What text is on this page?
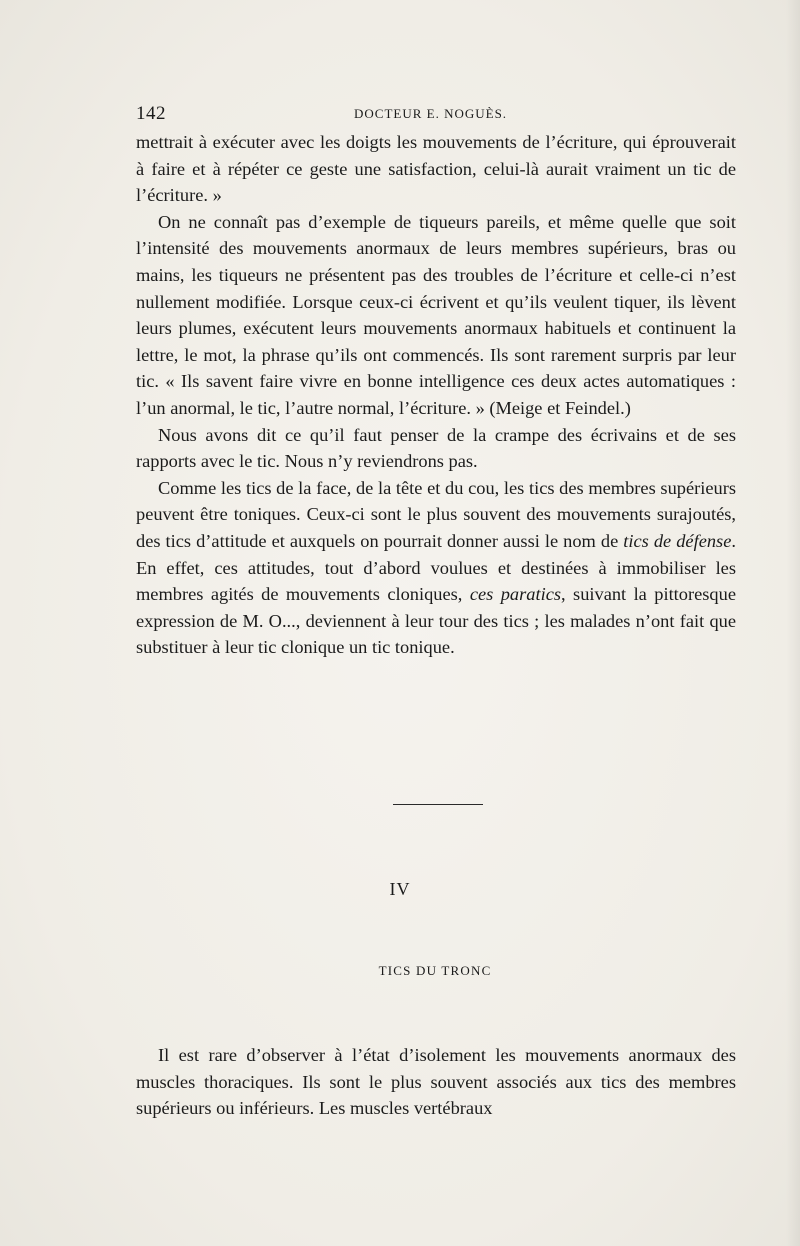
142	DOCTEUR E. NOGUÈS.

mettrait à exécuter avec les doigts les mouvements de l’écriture, qui éprouverait à faire et à répéter ce geste une satisfaction, celui-là aurait vraiment un tic de l’écriture. »

On ne connaît pas d’exemple de tiqueurs pareils, et même quelle que soit l’intensité des mouvements anormaux de leurs membres supérieurs, bras ou mains, les tiqueurs ne présentent pas des troubles de l’écriture et celle-ci n’est nullement modifiée. Lorsque ceux-ci écrivent et qu’ils veulent tiquer, ils lèvent leurs plumes, exécutent leurs mouvements anormaux habituels et continuent la lettre, le mot, la phrase qu’ils ont commencés. Ils sont rarement surpris par leur tic. « Ils savent faire vivre en bonne intelligence ces deux actes automatiques : l’un anormal, le tic, l’autre normal, l’écriture. » (Meige et Feindel.)

Nous avons dit ce qu’il faut penser de la crampe des écrivains et de ses rapports avec le tic. Nous n’y reviendrons pas.

Comme les tics de la face, de la tête et du cou, les tics des membres supérieurs peuvent être toniques. Ceux-ci sont le plus souvent des mouvements surajoutés, des tics d’attitude et auxquels on pourrait donner aussi le nom de tics de défense. En effet, ces attitudes, tout d’abord voulues et destinées à immobiliser les membres agités de mouvements cloniques, ces paratics, suivant la pittoresque expression de M. O..., deviennent à leur tour des tics ; les malades n’ont fait que substituer à leur tic clonique un tic tonique.

IV
TICS DU TRONC

Il est rare d’observer à l’état d’isolement les mouvements anormaux des muscles thoraciques. Ils sont le plus souvent associés aux tics des membres supérieurs ou inférieurs. Les muscles vertébraux
